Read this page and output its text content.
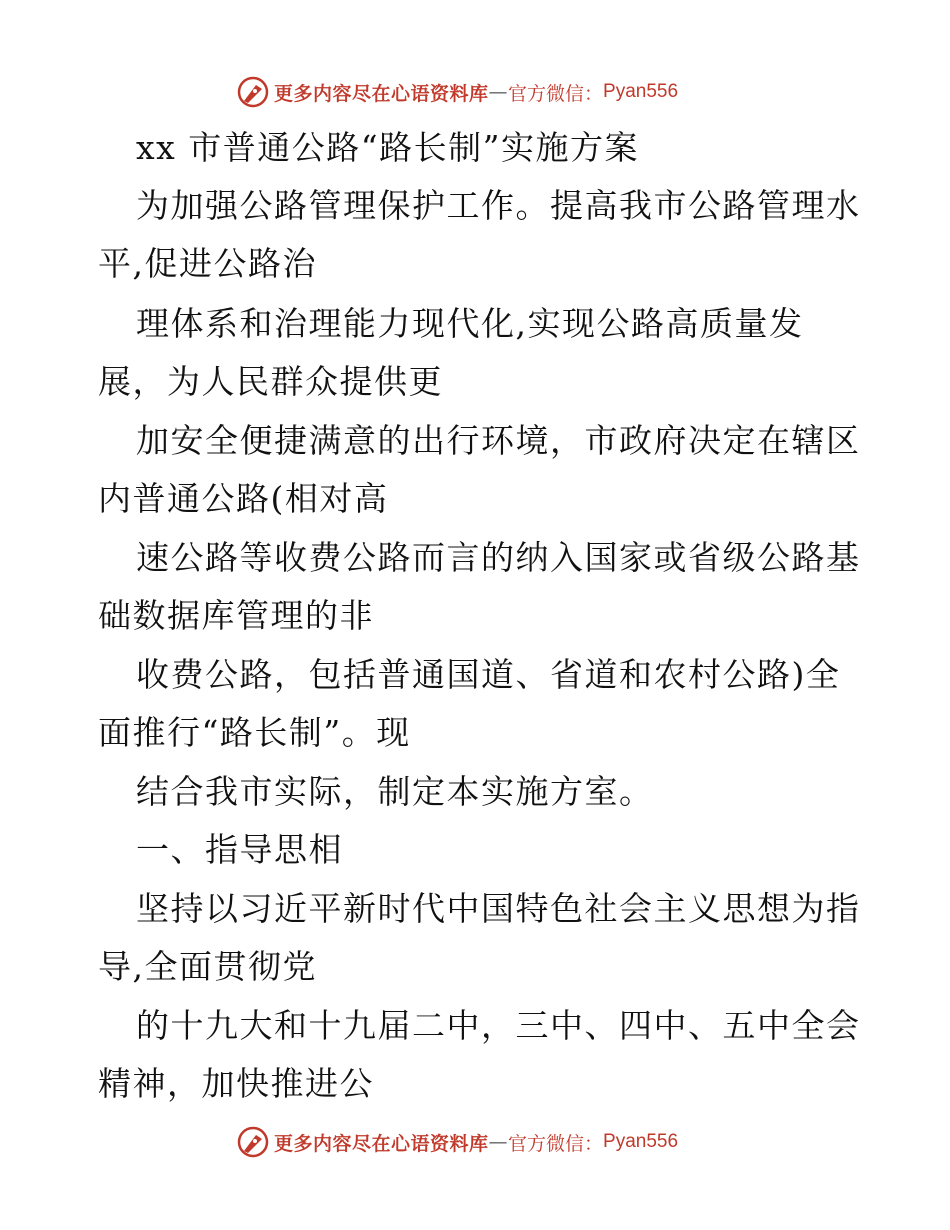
更多内容尽在心语资料库 — 官方微信： Pyan556
xx 市普通公路“路长制”实施方案
为加强公路管理保护工作。提高我市公路管理水
平,促进公路治
理体系和治理能力现代化,实现公路高质量发
展，为人民群众提供更
加安全便捷满意的出行环境，市政府决定在辖区
内普通公路(相对高
速公路等收费公路而言的纳入国家或省级公路基
础数据库管理的非
收费公路，包括普通国道、省道和农村公路)全
面推行“路长制”。现
结合我市实际，制定本实施方室。
一、指导思相
坚持以习近平新时代中国特色社会主义思想为指
导,全面贯彻党
的十九大和十九届二中，三中、四中、五中全会
精神，加快推进公
更多内容尽在心语资料库 — 官方微信： Pyan556
